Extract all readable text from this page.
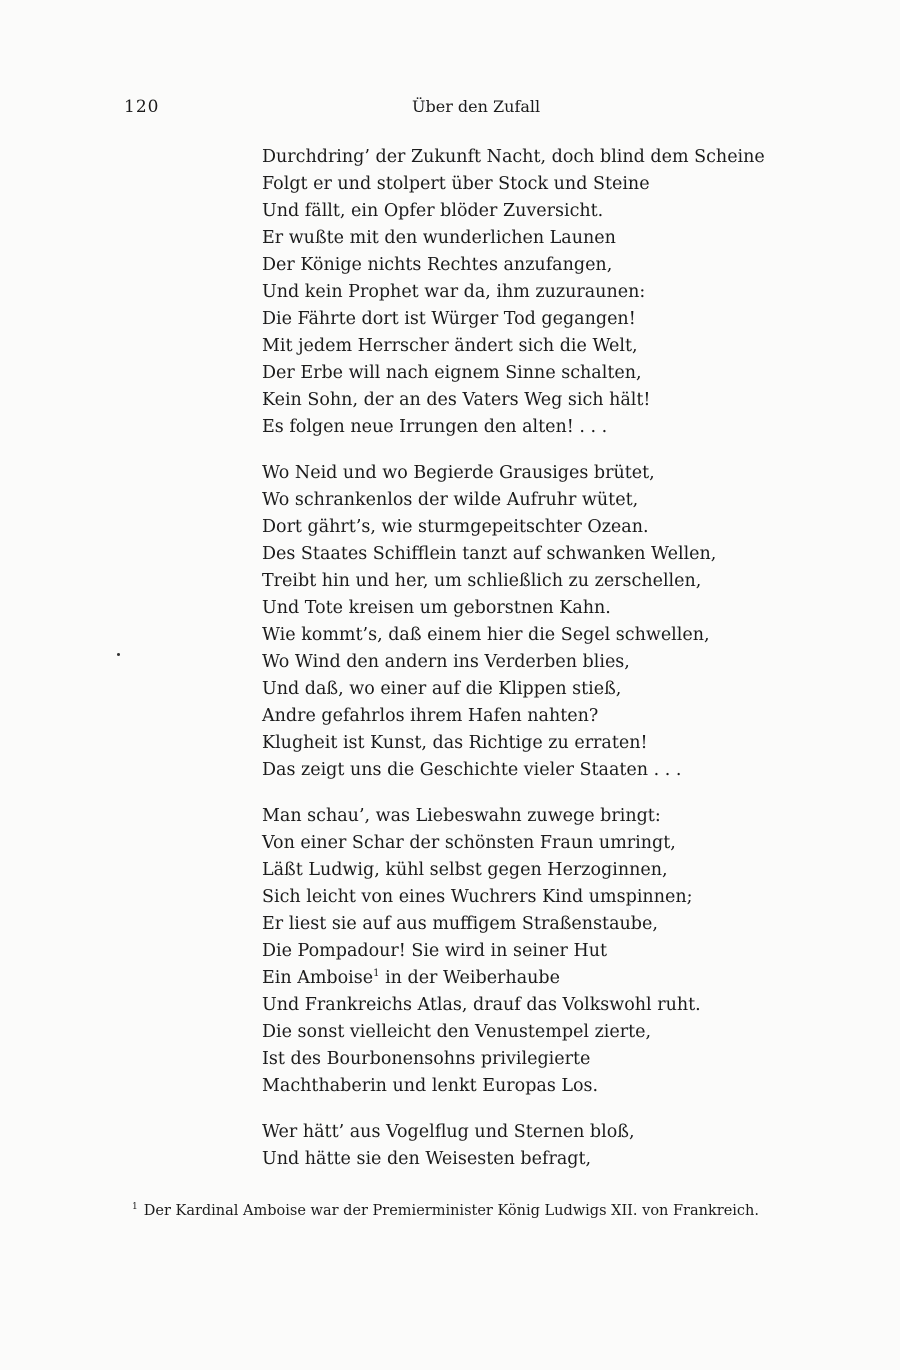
120	Über den Zufall
Durchdring’ der Zukunft Nacht, doch blind dem Scheine
Folgt er und stolpert über Stock und Steine
Und fällt, ein Opfer blöder Zuversicht.
Er wußte mit den wunderlichen Launen
Der Könige nichts Rechtes anzufangen,
Und kein Prophet war da, ihm zuzuraunen:
Die Fährte dort ist Würger Tod gegangen!
Mit jedem Herrscher ändert sich die Welt,
Der Erbe will nach eignem Sinne schalten,
Kein Sohn, der an des Vaters Weg sich hält!
Es folgen neue Irrungen den alten! . . .
Wo Neid und wo Begierde Grausiges brütet,
Wo schrankenlos der wilde Aufruhr wütet,
Dort gährt’s, wie sturmgepeitschter Ozean.
Des Staates Schifflein tanzt auf schwanken Wellen,
Treibt hin und her, um schließlich zu zerschellen,
Und Tote kreisen um geborstnen Kahn.
Wie kommt’s, daß einem hier die Segel schwellen,
Wo Wind den andern ins Verderben blies,
Und daß, wo einer auf die Klippen stieß,
Andre gefahrlos ihrem Hafen nahten?
Klugheit ist Kunst, das Richtige zu erraten!
Das zeigt uns die Geschichte vieler Staaten . . .
Man schau’, was Liebeswahn zuwege bringt:
Von einer Schar der schönsten Fraun umringt,
Läßt Ludwig, kühl selbst gegen Herzoginnen,
Sich leicht von eines Wuchrers Kind umspinnen;
Er liest sie auf aus muffigem Straßenstaube,
Die Pompadour! Sie wird in seiner Hut
Ein Amboise$^1$ in der Weiberhaube
Und Frankreichs Atlas, drauf das Volkswohl ruht.
Die sonst vielleicht den Venustempel zierte,
Ist des Bourbonensohns privilegierte
Machthaberin und lenkt Europas Los.
Wer hätt’ aus Vogelflug und Sternen bloß,
Und hätte sie den Weisesten befragt,
$^1$ Der Kardinal Amboise war der Premierminister König Ludwigs XII. von Frankreich.
